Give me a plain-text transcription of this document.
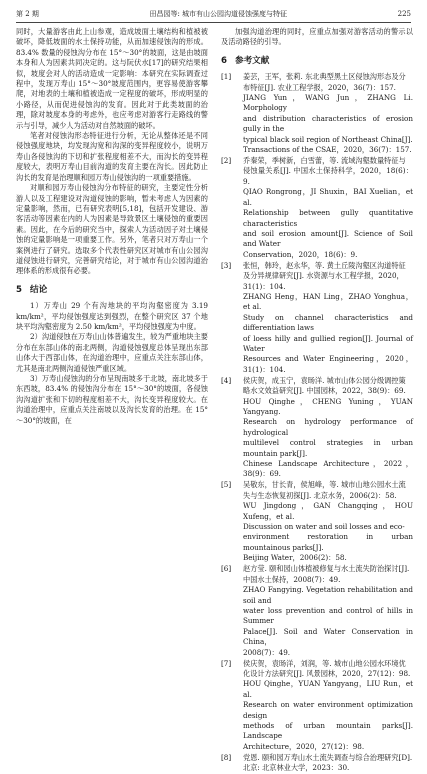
第 2 期	田昌园等: 城市有山公园沟道侵蚀强度与特征	225

同时，大量游客由此上山参观，造成坡面土壤结构和植被被破坏，降低坡面的水土保持功能，从而加速侵蚀沟的形成。83.4% 数量的侵蚀沟分布在 15°～30°的坡面，这是由坡面本身和人为因素共同决定的。这与阮伏水[17]的研究结果相似，坡度会对人的活动造成一定影响：本研究在实际调查过程中，发现万寿山 15°～30°坡度范围内，更容易使游客攀爬，对地表的土壤和植被造成一定程度的破坏，形成明显的小路径，从而促进侵蚀沟的发育。因此对于此类坡面的治理，除对坡度本身的考虑外，也应考虑对游客行走路线的警示与引导，减少人为活动对自然坡面的破坏。

笔者对侵蚀沟形态特征进行分析，无论从整体还是不同侵蚀强度地块，均发现沟宽和沟深的变异程度较小，说明万寿山各侵蚀沟的下切和扩张程度相差不大，而沟长的变异程度较大，表明万寿山目前沟道的发育主要在沟长。因此防止沟长的发育是治理顺和园万寿山侵蚀沟的一项重要措施。

对顺和园万寿山侵蚀沟分布特征的研究，主要定性分析游人以及工程建设对沟道侵蚀的影响，暂未考虑人为因素的定量影响，然而，已有研究表明[5,18]，包括开发建设、游客活动等因素在内的人为因素是导致景区土壤侵蚀的重要因素。因此，在今后的研究当中，探索人为活动因子对土壤侵蚀的定量影响是一项重要工作。另外，笔者只对万寿山一个案例进行了研究。选取多个代表性研究区对城市有山公园沟道侵蚀进行研究，完善研究结论，对于城市有山公园沟道治理体系的形成很有必要。

5 结论

1）万寿山 29 个有沟地块的平均沟壑密度为 3.19 km/km²，平均侵蚀强度达到强烈，在整个研究区 37 个地块平均沟壑密度为 2.50 km/km²，平均侵蚀强度为中度。

2）沟道侵蚀在万寿山山体普遍发生，较为严重地块主要分布在东部山体的南北两侧，沟道侵蚀强度总体呈现出东部山体大于西部山体，在沟道治理中，应重点关注东部山体，尤其是南北两侧沟道侵蚀严重区域。

3）万寿山侵蚀沟的分布呈现南坡多于北坡，南北坡多于东西坡，83.4% 的侵蚀沟分布在 15°～30°的坡面，各侵蚀沟沟道扩张和下切的程度相差不大，沟长变异程度较大。在沟道治理中，应重点关注南坡以及沟长发育的治理。在 15°～30°的坡面，在

加强沟道治理的同时，应重点加强对游客活动的警示以及活动路径的引导。

6 参考文献
[1]	姜芸，王军，张莉. 东北典型黑土区侵蚀沟形态及分
布特征[J]. 农业工程学报，2020，36(7)：157.
JIANG Yun，WANG Jun，ZHANG Li. Morphology
and distribution characteristics of erosion gully in the
typical black soil region of Northeast China[J].
Transactions of the CSAE，2020，36(7)：157.
[2]	乔秦荣，季树新，白雪蕾，等. 流域沟壑数量特征与
侵蚀量关系[J]. 中国水土保持科学，2020，18(6)：9.
QIAO Rongrong，JI Shuxin，BAI Xuelian，et al.
Relationship between gully quantitative characteristics
and soil erosion amount[J]. Science of Soil and Water
Conservation，2020，18(6)：9.
[3]	张恒，韩玲，赵永华，等. 黄土丘陵沟壑区沟道特征
及分异规律研究[J]. 水资源与水工程学报，2020，
31(1)：104.
ZHANG Heng，HAN Ling，ZHAO Yonghua，et al.
Study on channel characteristics and differentiation laws
of loess hilly and gullied region[J]. Journal of Water
Resources and Water Engineering，2020，31(1)：104.
[4]	侯庆贺，成玉宁，袁旸洋. 城市山体公园分级调控策
略水文效益研究[J]. 中国园林，2022，38(9)：69.
HOU Qinghe，CHENG Yuning，YUAN Yangyang.
Research on hydrology performance of hydrological
multilevel control strategies in urban mountain park[J].
Chinese Landscape Architecture，2022，38(9)：69.
[5]	吴敬东，甘长青，侯旭峰，等. 城市山地公园水土流
失与生态恢复初探[J]. 北京水务，2006(2)：58.
WU Jingdong，GAN Changqing，HOU Xufeng，et al.
Discussion on water and soil losses and eco-
environment restoration in urban mountainous parks[J].
Beijing Water，2006(2)：58.
[6]	赵方莹. 颐和园山体植被修复与水土流失防治探讨[J].
中国水土保持，2008(7)：49.
ZHAO Fangying. Vegetation rehabilitation and soil and
water loss prevention and control of hills in Summer
Palace[J]. Soil and Water Conservation in China，
2008(7)：49.
[7]	侯庆贺，袁旸洋，刘润，等. 城市山地公园水环境优
化设计方法研究[J]. 风景园林，2020，27(12)：98.
HOU Qinghe，YUAN Yangyang，LIU Run，et al.
Research on water environment optimization design
methods of urban mountain parks[J]. Landscape
Architecture，2020，27(12)：98.
[8]	党恩. 颐和园万寿山水土流失调查与综合治理研究[D].
北京: 北京林业大学，2023：30.
